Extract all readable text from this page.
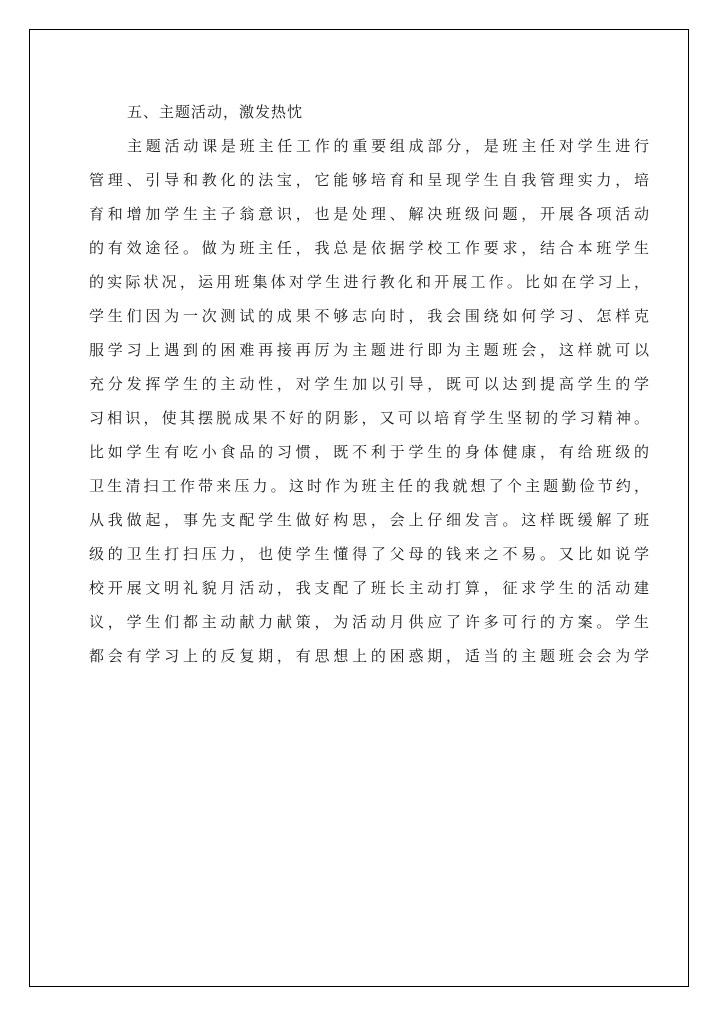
五、主题活动，激发热忱
主题活动课是班主任工作的重要组成部分，是班主任对学生进行
管理、引导和教化的法宝，它能够培育和呈现学生自我管理实力，培
育和增加学生主子翁意识，也是处理、解决班级问题，开展各项活动
的有效途径。做为班主任，我总是依据学校工作要求，结合本班学生
的实际状况，运用班集体对学生进行教化和开展工作。比如在学习上，
学生们因为一次测试的成果不够志向时，我会围绕如何学习、怎样克
服学习上遇到的困难再接再厉为主题进行即为主题班会，这样就可以
充分发挥学生的主动性，对学生加以引导，既可以达到提高学生的学
习相识，使其摆脱成果不好的阴影，又可以培育学生坚韧的学习精神。
比如学生有吃小食品的习惯，既不利于学生的身体健康，有给班级的
卫生清扫工作带来压力。这时作为班主任的我就想了个主题勤俭节约，
从我做起，事先支配学生做好构思，会上仔细发言。这样既缓解了班
级的卫生打扫压力，也使学生懂得了父母的钱来之不易。又比如说学
校开展文明礼貌月活动，我支配了班长主动打算，征求学生的活动建
议，学生们都主动献力献策，为活动月供应了许多可行的方案。学生
都会有学习上的反复期，有思想上的困惑期，适当的主题班会会为学
